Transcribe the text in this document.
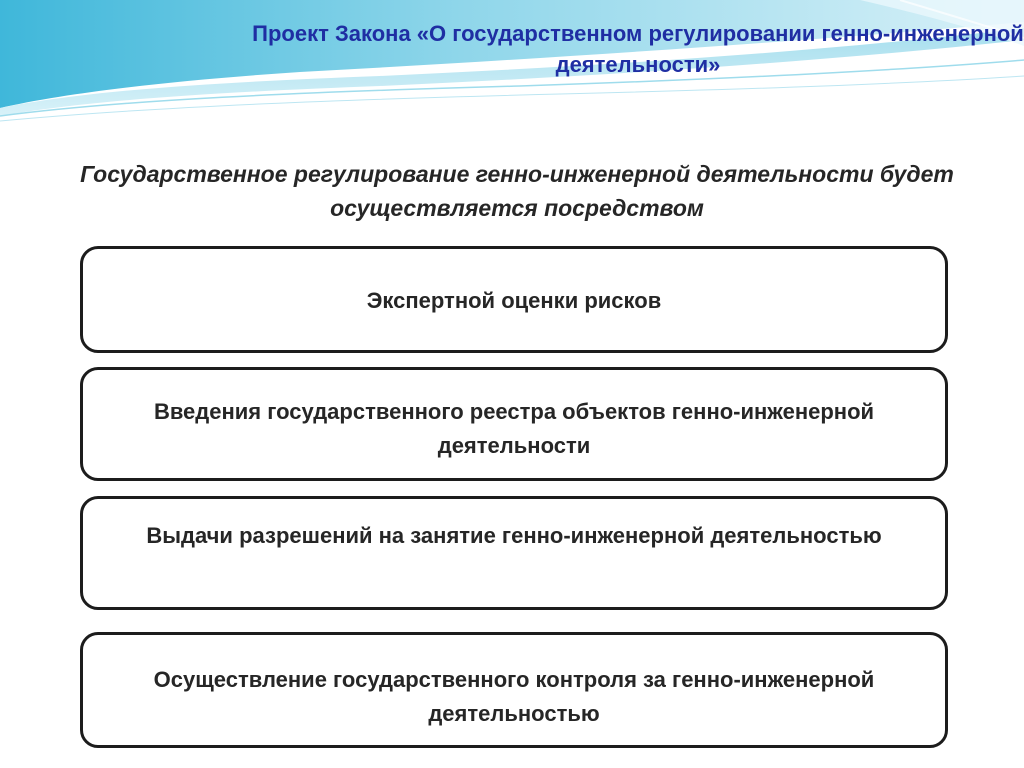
Проект Закона «О государственном регулировании генно-инженерной деятельности»

Государственное регулирование генно-инженерной деятельности будет осуществляется посредством

Экспертной оценки рисков
Введения государственного реестра объектов генно-инженерной деятельности
Выдачи разрешений на занятие генно-инженерной деятельностью
Осуществление государственного контроля за генно-инженерной деятельностью
